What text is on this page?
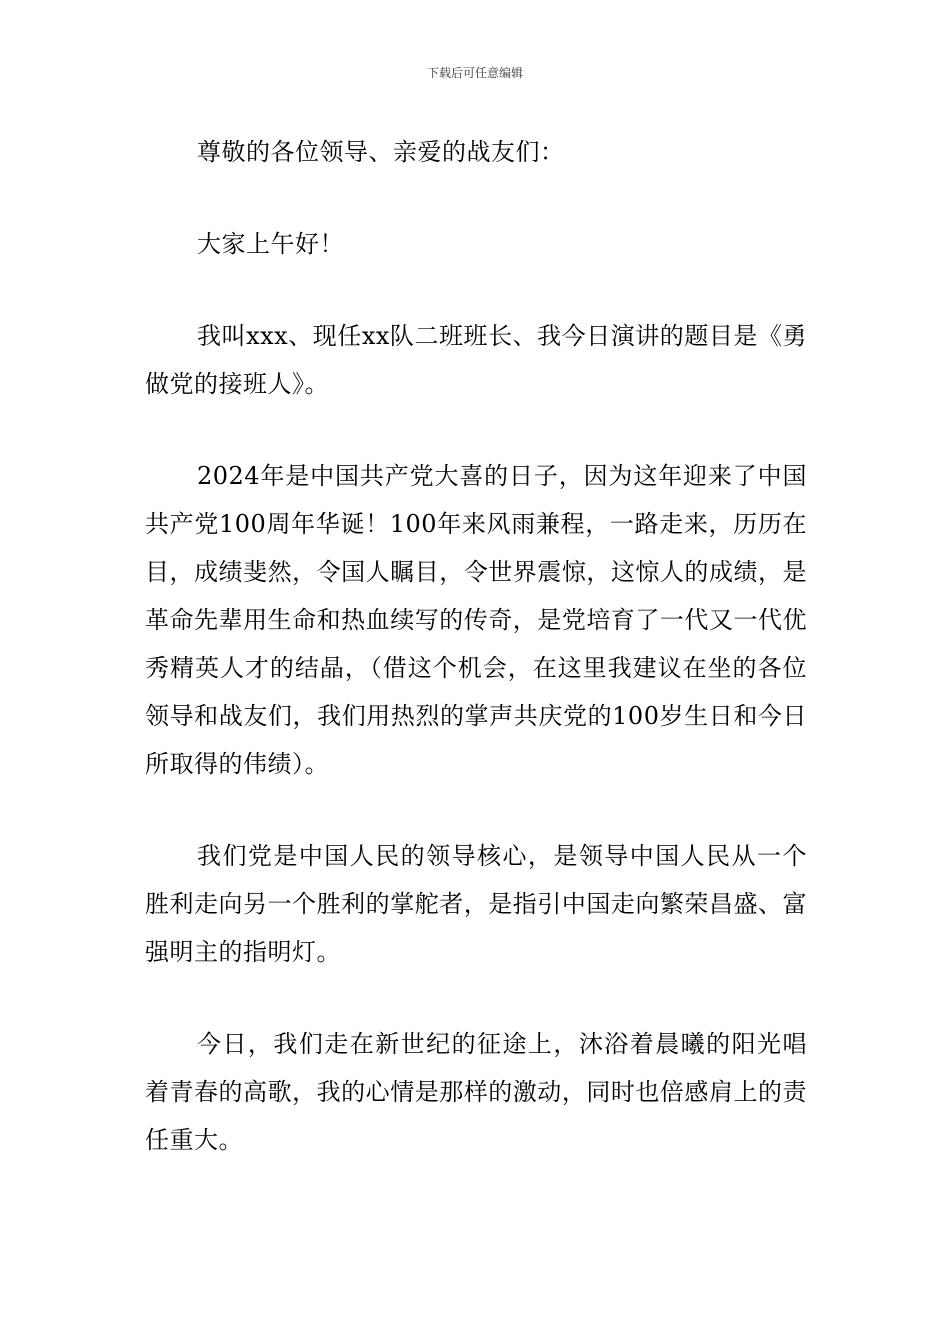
下载后可任意编辑

尊敬的各位领导、亲爱的战友们：

大家上午好！

我叫xxx、现任xx队二班班长、我今日演讲的题目是《勇做党的接班人》。

2024年是中国共产党大喜的日子，因为这年迎来了中国共产党100周年华诞！100年来风雨兼程，一路走来，历历在目，成绩斐然，令国人瞩目，令世界震惊，这惊人的成绩，是革命先辈用生命和热血续写的传奇，是党培育了一代又一代优秀精英人才的结晶，（借这个机会，在这里我建议在坐的各位领导和战友们，我们用热烈的掌声共庆党的100岁生日和今日所取得的伟绩）。

我们党是中国人民的领导核心，是领导中国人民从一个胜利走向另一个胜利的掌舵者，是指引中国走向繁荣昌盛、富强明主的指明灯。

今日，我们走在新世纪的征途上，沐浴着晨曦的阳光唱着青春的高歌，我的心情是那样的激动，同时也倍感肩上的责任重大。
